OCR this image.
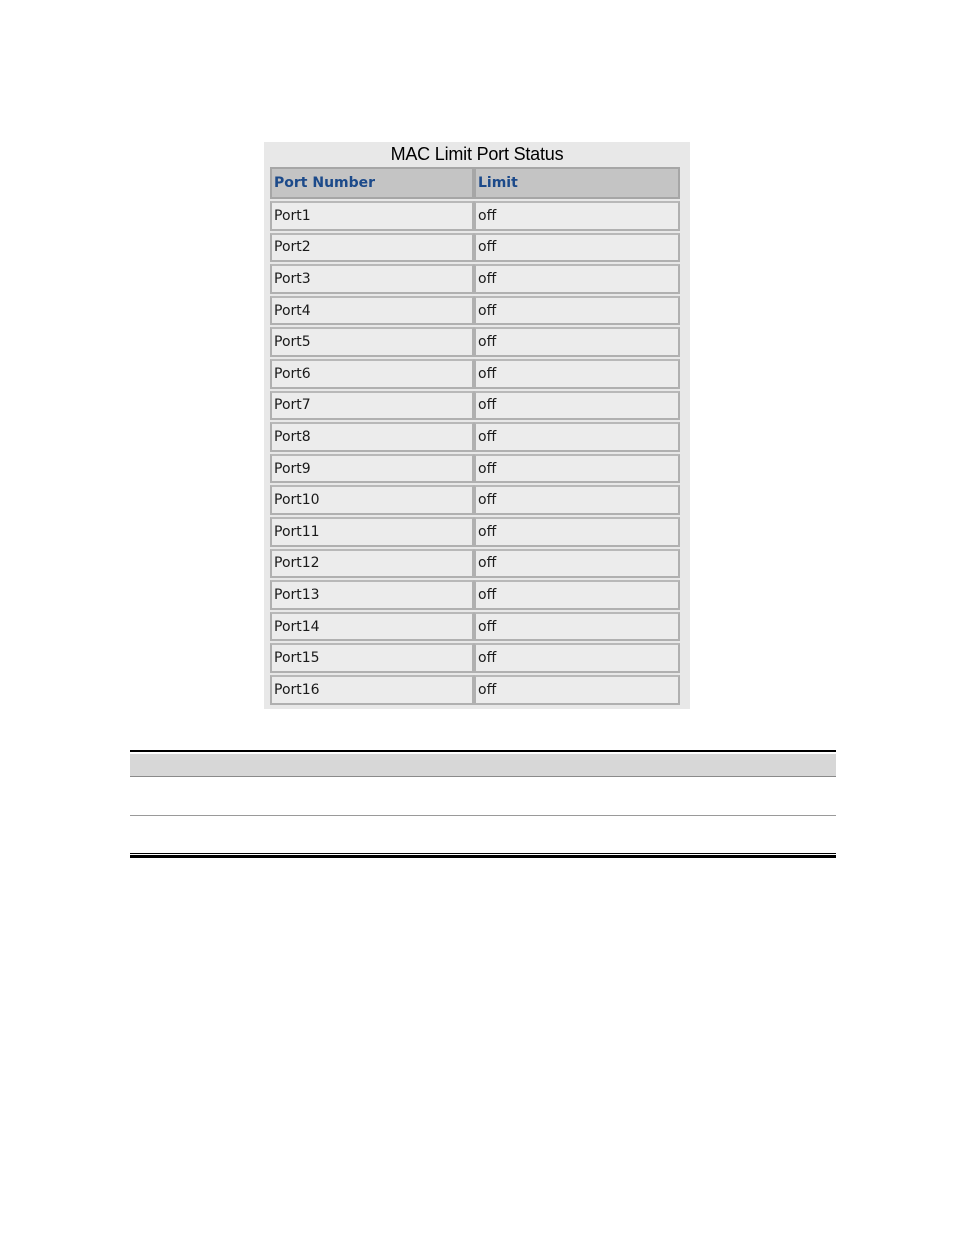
MAC Limit Port Status
Port Number	Limit
Port1	off
Port2	off
Port3	off
Port4	off
Port5	off
Port6	off
Port7	off
Port8	off
Port9	off
Port10	off
Port11	off
Port12	off
Port13	off
Port14	off
Port15	off
Port16	off
